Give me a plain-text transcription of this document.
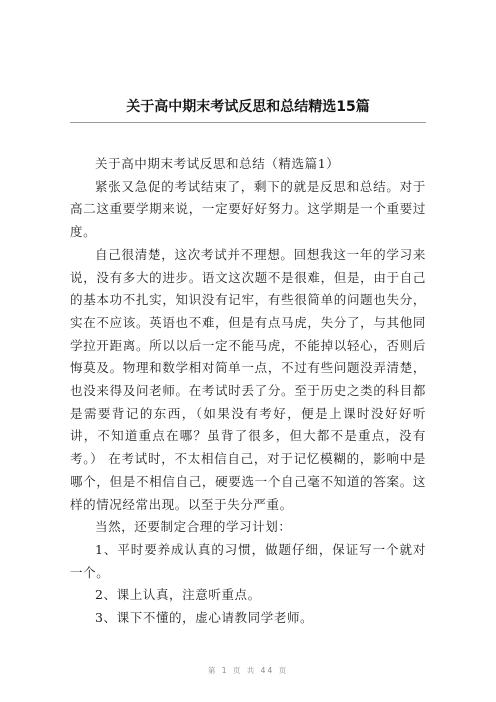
关于高中期末考试反思和总结精选15篇

关于高中期末考试反思和总结（精选篇1）

紧张又急促的考试结束了，剩下的就是反思和总结。对于高二这重要学期来说，一定要好好努力。这学期是一个重要过度。

自己很清楚，这次考试并不理想。回想我这一年的学习来说，没有多大的进步。语文这次题不是很难，但是，由于自己的基本功不扎实，知识没有记牢，有些很简单的问题也失分，实在不应该。英语也不难，但是有点马虎，失分了，与其他同学拉开距离。所以以后一定不能马虎，不能掉以轻心，否则后悔莫及。物理和数学相对简单一点，不过有些问题没弄清楚，也没来得及问老师。在考试时丢了分。至于历史之类的科目都是需要背记的东西，（如果没有考好，便是上课时没好好听讲，不知道重点在哪？虽背了很多，但大都不是重点，没有考。） 在考试时，不太相信自己，对于记忆模糊的，影响中是哪个，但是不相信自己，硬要选一个自己毫不知道的答案。这样的情况经常出现。以至于失分严重。

当然，还要制定合理的学习计划：

1、平时要养成认真的习惯，做题仔细，保证写一个就对一个。

2、课上认真，注意听重点。

3、课下不懂的，虚心请教同学老师。

第 1 页 共 44 页
